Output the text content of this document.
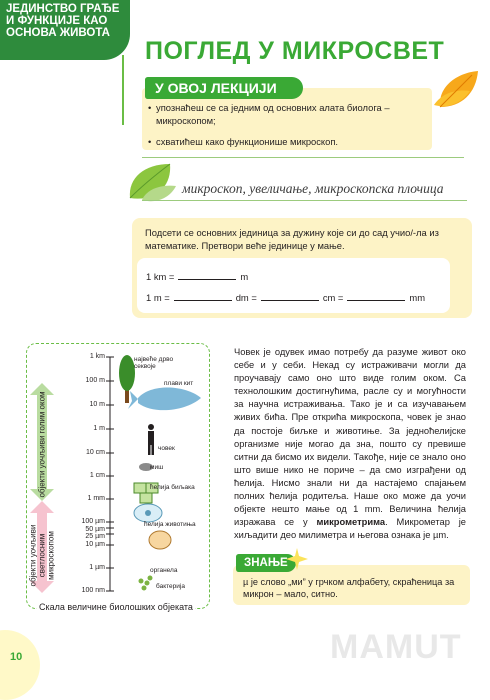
ЈЕДИНСТВО ГРАЂЕ
И ФУНКЦИЈЕ КАО
ОСНОВА ЖИВОТА
ПОГЛЕД У МИКРОСВЕТ
У ОВОЈ ЛЕКЦИЈИ
• упознаћеш се са једним од основних алата биолога – микроскопом;
• схватићеш како функционише микроскоп.
микроскоп, увеличање, микроскопска плочица
Подсети се основних јединица за дужину које си до сад учио/-ла из математике. Претвори веће јединице у мање.
1 km =	m
1 m =	dm =	cm =	mm
објекти уочљиви голим оком
објекти уочљиви светлосним микроскопом
1 km
100 m
10 m
1 m
10 cm
1 cm
1 mm
100 µm
50 µm
25 µm
10 µm
1 µm
100 nm
највеће дрво секвоје
плави кит
човек
миш
ћелија биљака
ћелија животиња
органела
бактерија
Скала величине биолошких објеката
Човек је одувек имао потребу да разуме живот око себе и у себи. Некад су истраживачи могли да проучавају само оно што виде голим оком. Са технолошким достигнућима, расле су и могућности за научна истраживања. Тако је и са изучавањем живих бића. Пре открића микроскопа, човек је знао да постоје биљке и животиње. За једноћелијске организме није могао да зна, пошто су превише ситни да бисмо их видели. Такође, није се знало оно што више нико не пориче – да смо изграђени од ћелија. Нисмо знали ни да настајемо спајањем полних ћелија родитеља. Наше око може да уочи објекте нешто мање од 1 mm. Величина ћелија изражава се у микрометрима. Микрометар је хиљадити део милиметра и његова ознака је µm.
ЗНАЊЕ
µ је слово „ми” у грчком алфабету, скраћеница за микрон – мало, ситно.
10	MAMUT
